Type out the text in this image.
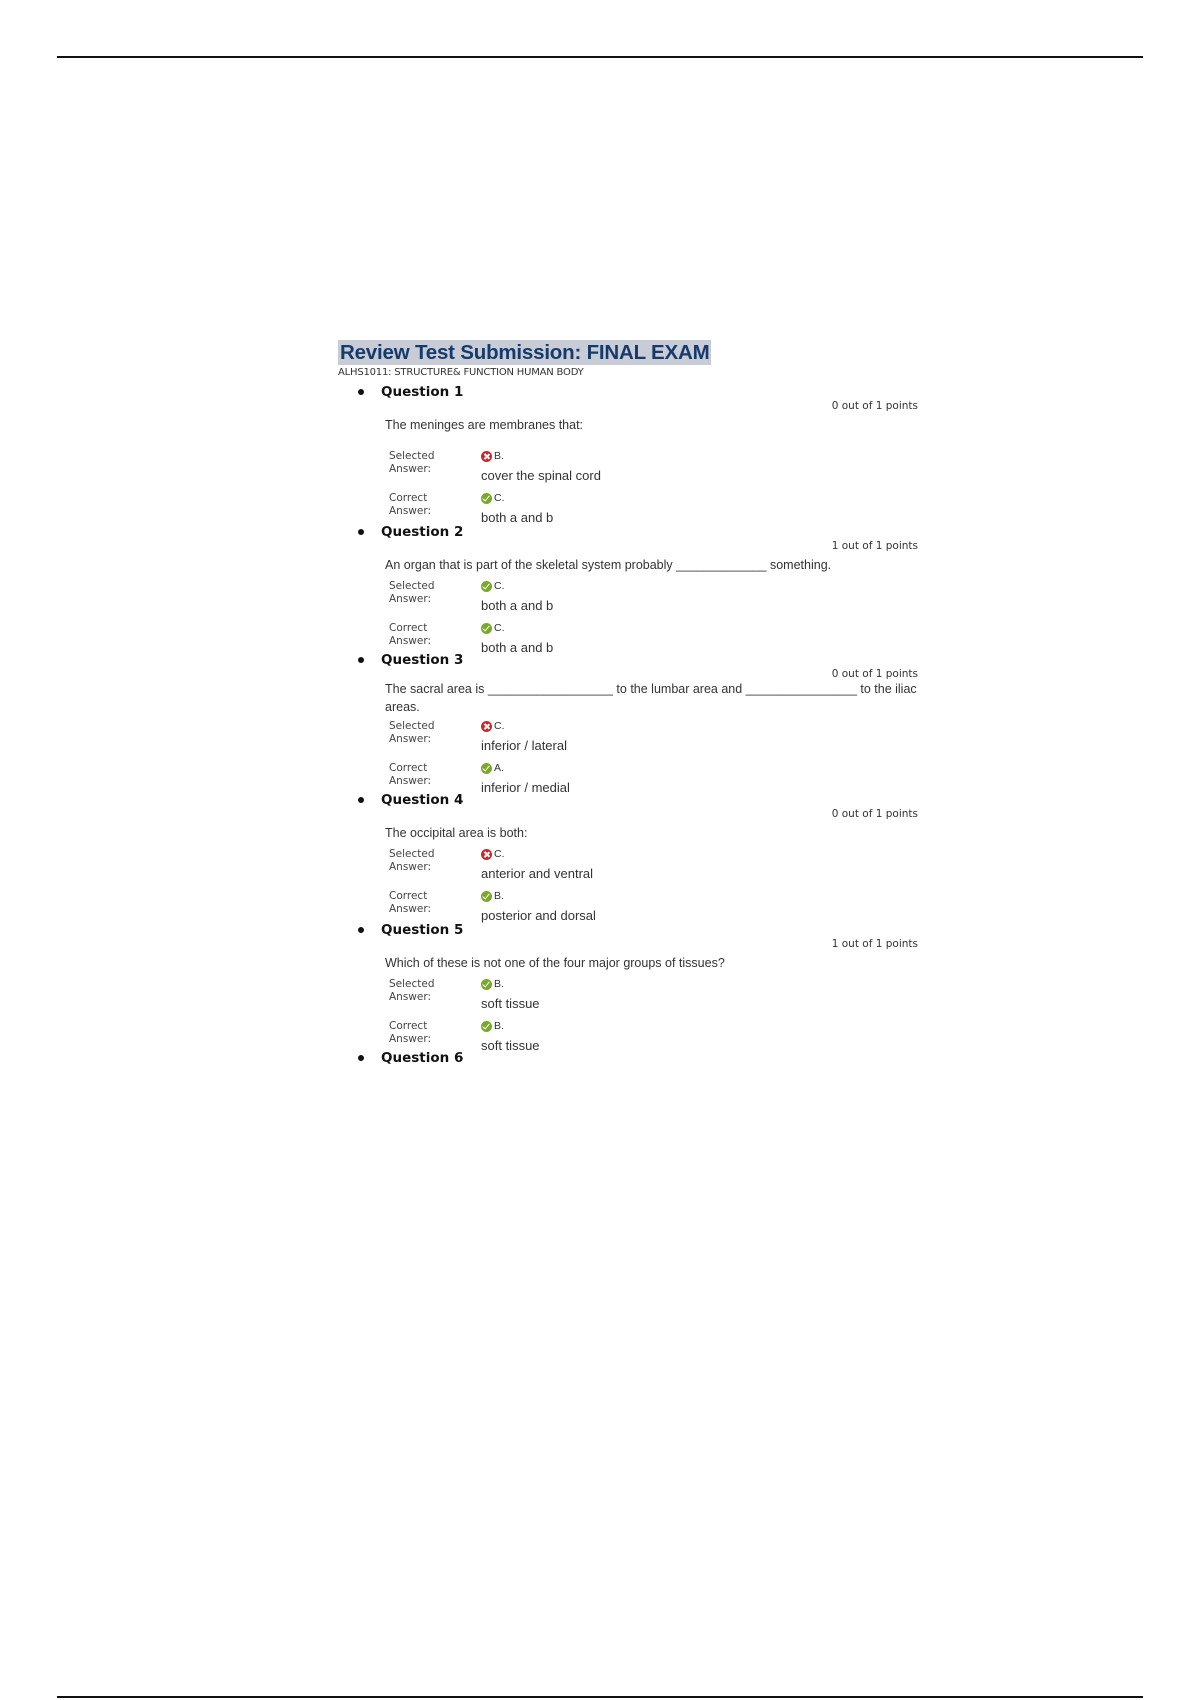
Review Test Submission: FINAL EXAM
ALHS1011: STRUCTURE& FUNCTION HUMAN BODY
Question 1
0 out of 1 points
The meninges are membranes that:
Selected Answer:
B.
cover the spinal cord
Correct Answer:
C.
both a and b
Question 2
1 out of 1 points
An organ that is part of the skeletal system probably _____________ something.
Selected Answer:
C.
both a and b
Correct Answer:
C.
both a and b
Question 3
0 out of 1 points
The sacral area is __________________ to the lumbar area and ________________ to the iliac areas.
Selected Answer:
C.
inferior / lateral
Correct Answer:
A.
inferior / medial
Question 4
0 out of 1 points
The occipital area is both:
Selected Answer:
C.
anterior and ventral
Correct Answer:
B.
posterior and dorsal
Question 5
1 out of 1 points
Which of these is not one of the four major groups of tissues?
Selected Answer:
B.
soft tissue
Correct Answer:
B.
soft tissue
Question 6
